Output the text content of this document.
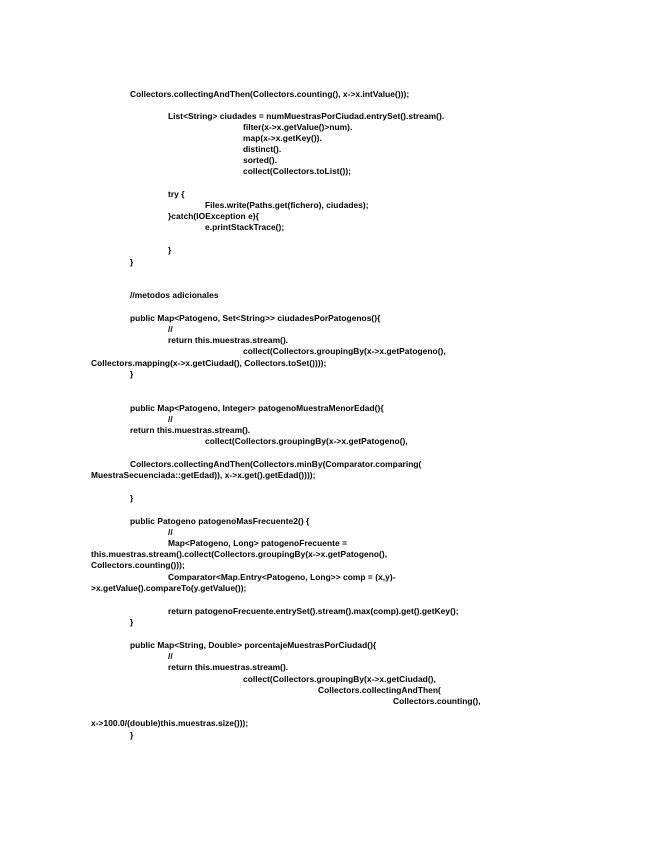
Collectors.collectingAndThen(Collectors.counting(), x->x.intValue()));
List<String> ciudades = numMuestrasPorCiudad.entrySet().stream().
filter(x->x.getValue()>num).
map(x->x.getKey()).
distinct().
sorted().
collect(Collectors.toList());
try {
Files.write(Paths.get(fichero), ciudades);
}catch(IOException e){
e.printStackTrace();
}
}
//metodos adicionales
public Map<Patogeno, Set<String>> ciudadesPorPatogenos(){
//
return this.muestras.stream().
collect(Collectors.groupingBy(x->x.getPatogeno(),
Collectors.mapping(x->x.getCiudad(), Collectors.toSet())));
}
public Map<Patogeno, Integer> patogenoMuestraMenorEdad(){
//
return this.muestras.stream().
collect(Collectors.groupingBy(x->x.getPatogeno(),
Collectors.collectingAndThen(Collectors.minBy(Comparator.comparing(
MuestraSecuenciada::getEdad)), x->x.get().getEdad())));
}
public Patogeno patogenoMasFrecuente2() {
//
Map<Patogeno, Long> patogenoFrecuente =
this.muestras.stream().collect(Collectors.groupingBy(x->x.getPatogeno(),
Collectors.counting()));
Comparator<Map.Entry<Patogeno, Long>> comp = (x,y)-
>x.getValue().compareTo(y.getValue());
return patogenoFrecuente.entrySet().stream().max(comp).get().getKey();
}
public Map<String, Double> porcentajeMuestrasPorCiudad(){
//
return this.muestras.stream().
collect(Collectors.groupingBy(x->x.getCiudad(),
Collectors.collectingAndThen(
Collectors.counting(),
x->100.0/(double)this.muestras.size()));
}
